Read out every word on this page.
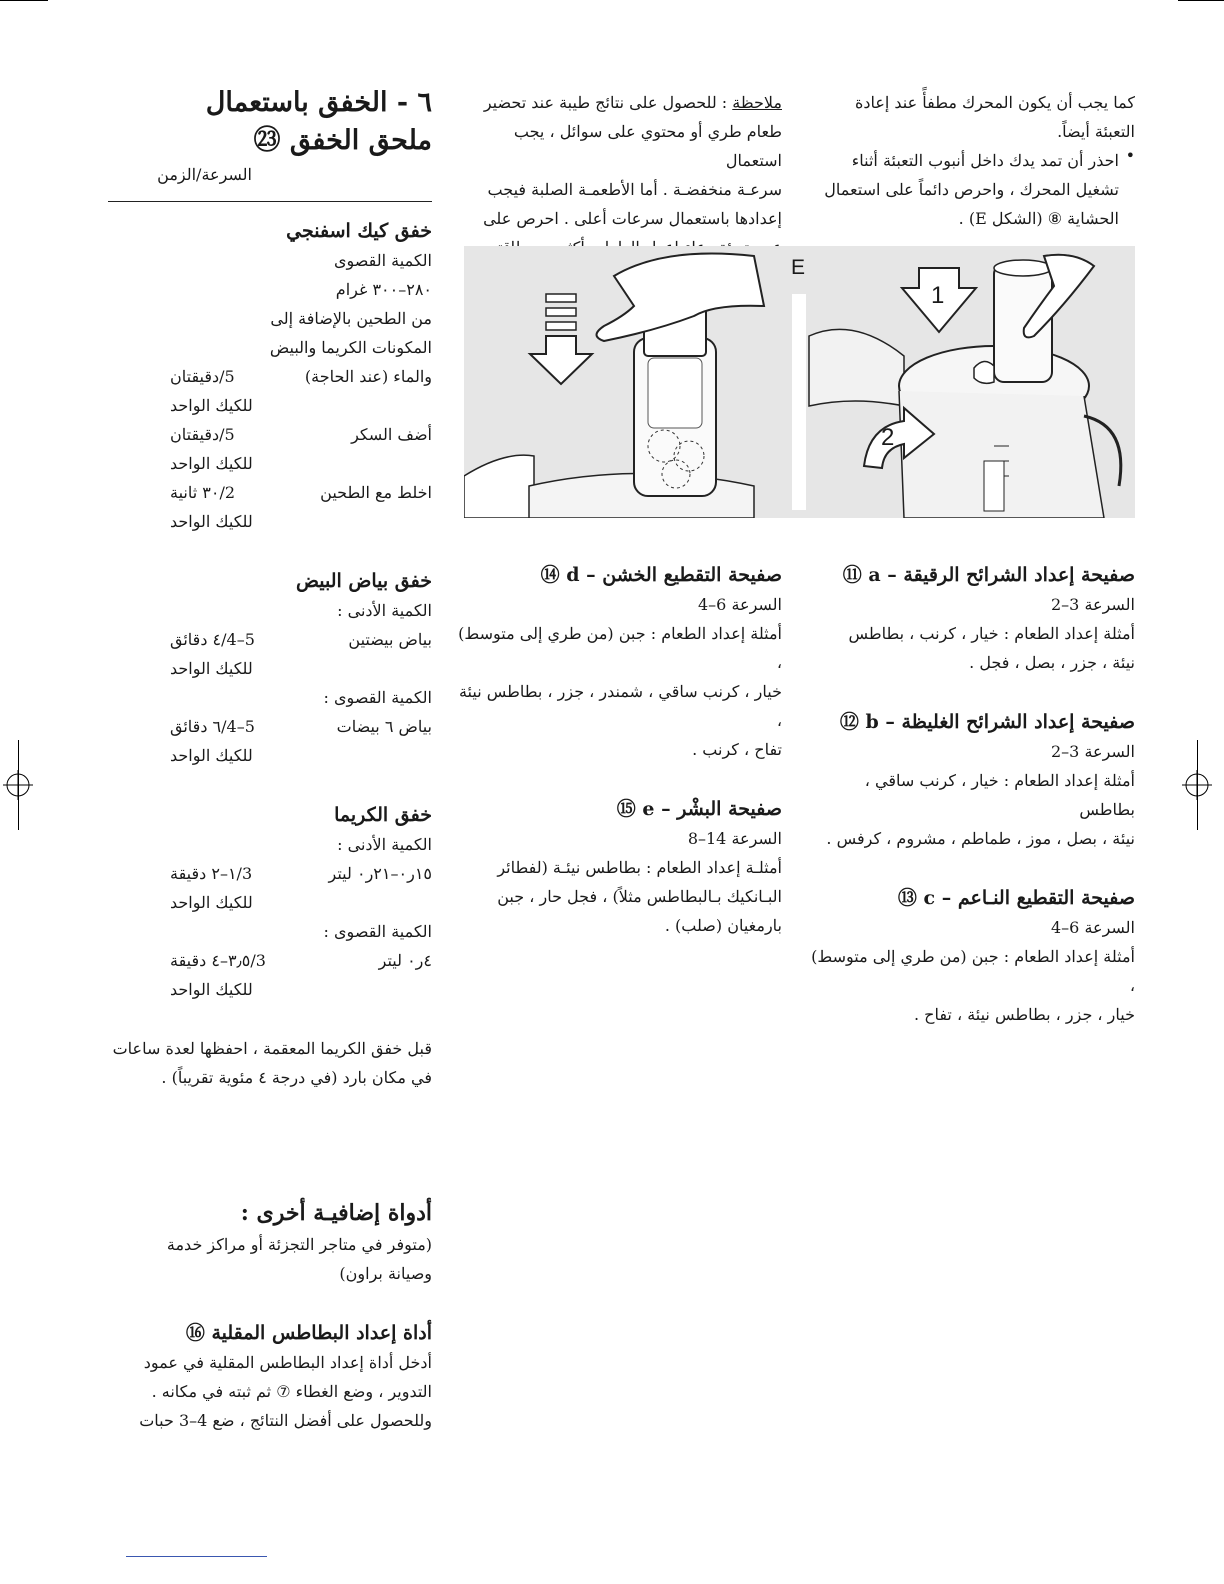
كما يجب أن يكون المحرك مطفأً عند إعادة

التعبئة أيضاً.

• احذر أن تمد يدك داخل أنبوب التعبئة أثناء

تشغيل المحرك ، واحرص دائماً على استعمال

الحشاية ⑧ (الشكل E) .

صفيحة إعداد الشرائح الرقيقة – a ⑪

السرعة 3–2

أمثلة إعداد الطعام : خيار ، كرنب ، بطاطس

نيئة ، جزر ، بصل ، فجل .

صفيحة إعداد الشرائح الغليظة – b ⑫

السرعة 3–2

أمثلة إعداد الطعام : خيار ، كرنب ساقي ، بطاطس

نيئة ، بصل ، موز ، طماطم ، مشروم ، كرفس .

صفيحة التقطيع النـاعم – c ⑬

السرعة 6–4

أمثلة إعداد الطعام : جبن (من طري إلى متوسط) ،

خيار ، جزر ، بطاطس نيئة ، تفاح .

ملاحظة : للحصول على نتائج طيبة عند تحضير

طعام طري أو محتوي على سوائل ، يجب استعمال

سرعـة منخفضـة . أما الأطعمـة الصلبة فيجب

إعدادها باستعمال سرعات أعلى . احرص على

صفيحة التقطيع الخشن – d ⑭

السرعة 6–4

أمثلة إعداد الطعام : جبن (من طري إلى متوسط) ،

خيار ، كرنب ساقي ، شمندر ، جزر ، بطاطس نيئة ،

تفاح ، كرنب .

صفيحة البشْر – e ⑮

السرعة 14–8

أمثلـة إعداد الطعام : بطاطس نيئـة (لفطائر

البـانكيك بـالبطاطس مثلاً) ، فجل حار ، جبن

بارمغيان (صلب) .

E
1
2

٦ - الخفق باستعمال

ملحق الخفق ㉓

السرعة/الزمن

خفق كيك اسفنجي

الكمية القصوى

٢٨٠–٣٠٠ غرام

من الطحين بالإضافة إلى

المكونات الكريما والبيض

والماء (عند الحاجة)
5/دقيقتان
للكيك الواحد
أضف السكر
5/دقيقتان
للكيك الواحد
اخلط مع الطحين
2/٣٠ ثانية
للكيك الواحد

خفق بياض البيض

الكمية الأدنى :

بياض بيضتين
5–4/٤ دقائق
للكيك الواحد

الكمية القصوى :

بياض ٦ بيضات
5–4/٦ دقائق
للكيك الواحد

خفق الكريما

الكمية الأدنى :

١٥ر٠–٢١ر٠ ليتر
3/١–٢ دقيقة
للكيك الواحد

الكمية القصوى :

٤ر٠ ليتر
3/٣٫٥–٤ دقيقة
للكيك الواحد

قبل خفق الكريما المعقمة ، احفظها لعدة ساعات

في مكان بارد (في درجة ٤ مئوية تقريباً) .

أدواة إضافيـة أخرى :

(متوفر في متاجر التجزئة أو مراكز خدمة

وصيانة براون)

أداة إعداد البطاطس المقلية ⑯

أدخل أداة إعداد البطاطس المقلية في عمود

التدوير ، وضع الغطاء ⑦ ثم ثبته في مكانه .

وللحصول على أفضل النتائج ، ضع 4–3 حبات
